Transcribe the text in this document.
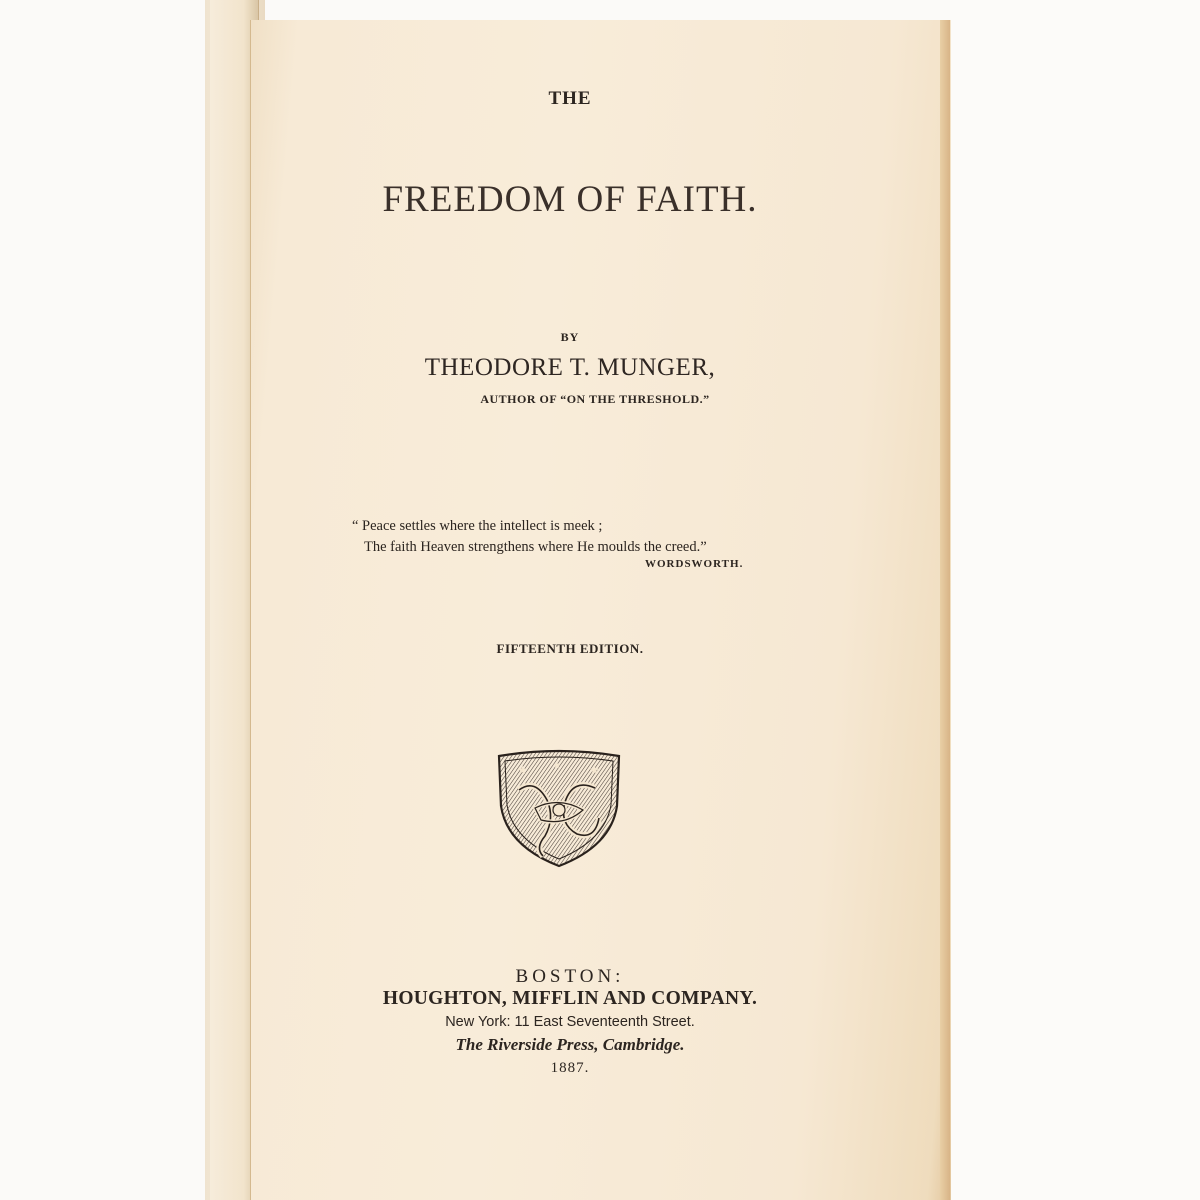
THE
FREEDOM OF FAITH.
BY
THEODORE T. MUNGER,
AUTHOR OF “ON THE THRESHOLD.”
“ Peace settles where the intellect is meek ;
The faith Heaven strengthens where He moulds the creed.”
WORDSWORTH.
FIFTEENTH EDITION.
★	★
★
BOSTON:
HOUGHTON, MIFFLIN AND COMPANY.
New York: 11 East Seventeenth Street.
The Riverside Press, Cambridge.
1887.
